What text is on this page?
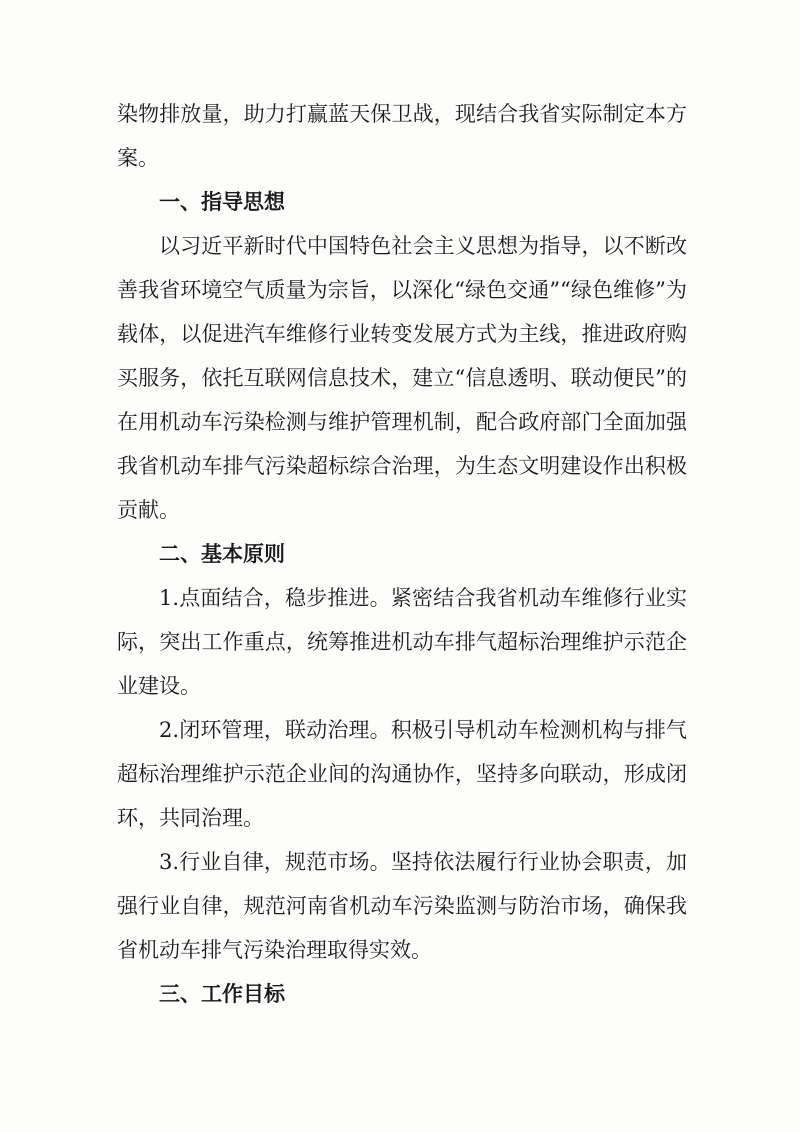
染物排放量，助力打赢蓝天保卫战，现结合我省实际制定本方案。

一、指导思想

以习近平新时代中国特色社会主义思想为指导，以不断改善我省环境空气质量为宗旨，以深化“绿色交通”“绿色维修”为载体，以促进汽车维修行业转变发展方式为主线，推进政府购买服务，依托互联网信息技术，建立“信息透明、联动便民”的在用机动车污染检测与维护管理机制，配合政府部门全面加强我省机动车排气污染超标综合治理，为生态文明建设作出积极贡献。

二、基本原则

1.点面结合，稳步推进。紧密结合我省机动车维修行业实际，突出工作重点，统筹推进机动车排气超标治理维护示范企业建设。

2.闭环管理，联动治理。积极引导机动车检测机构与排气超标治理维护示范企业间的沟通协作，坚持多向联动，形成闭环，共同治理。

3.行业自律，规范市场。坚持依法履行行业协会职责，加强行业自律，规范河南省机动车污染监测与防治市场，确保我省机动车排气污染治理取得实效。

三、工作目标
